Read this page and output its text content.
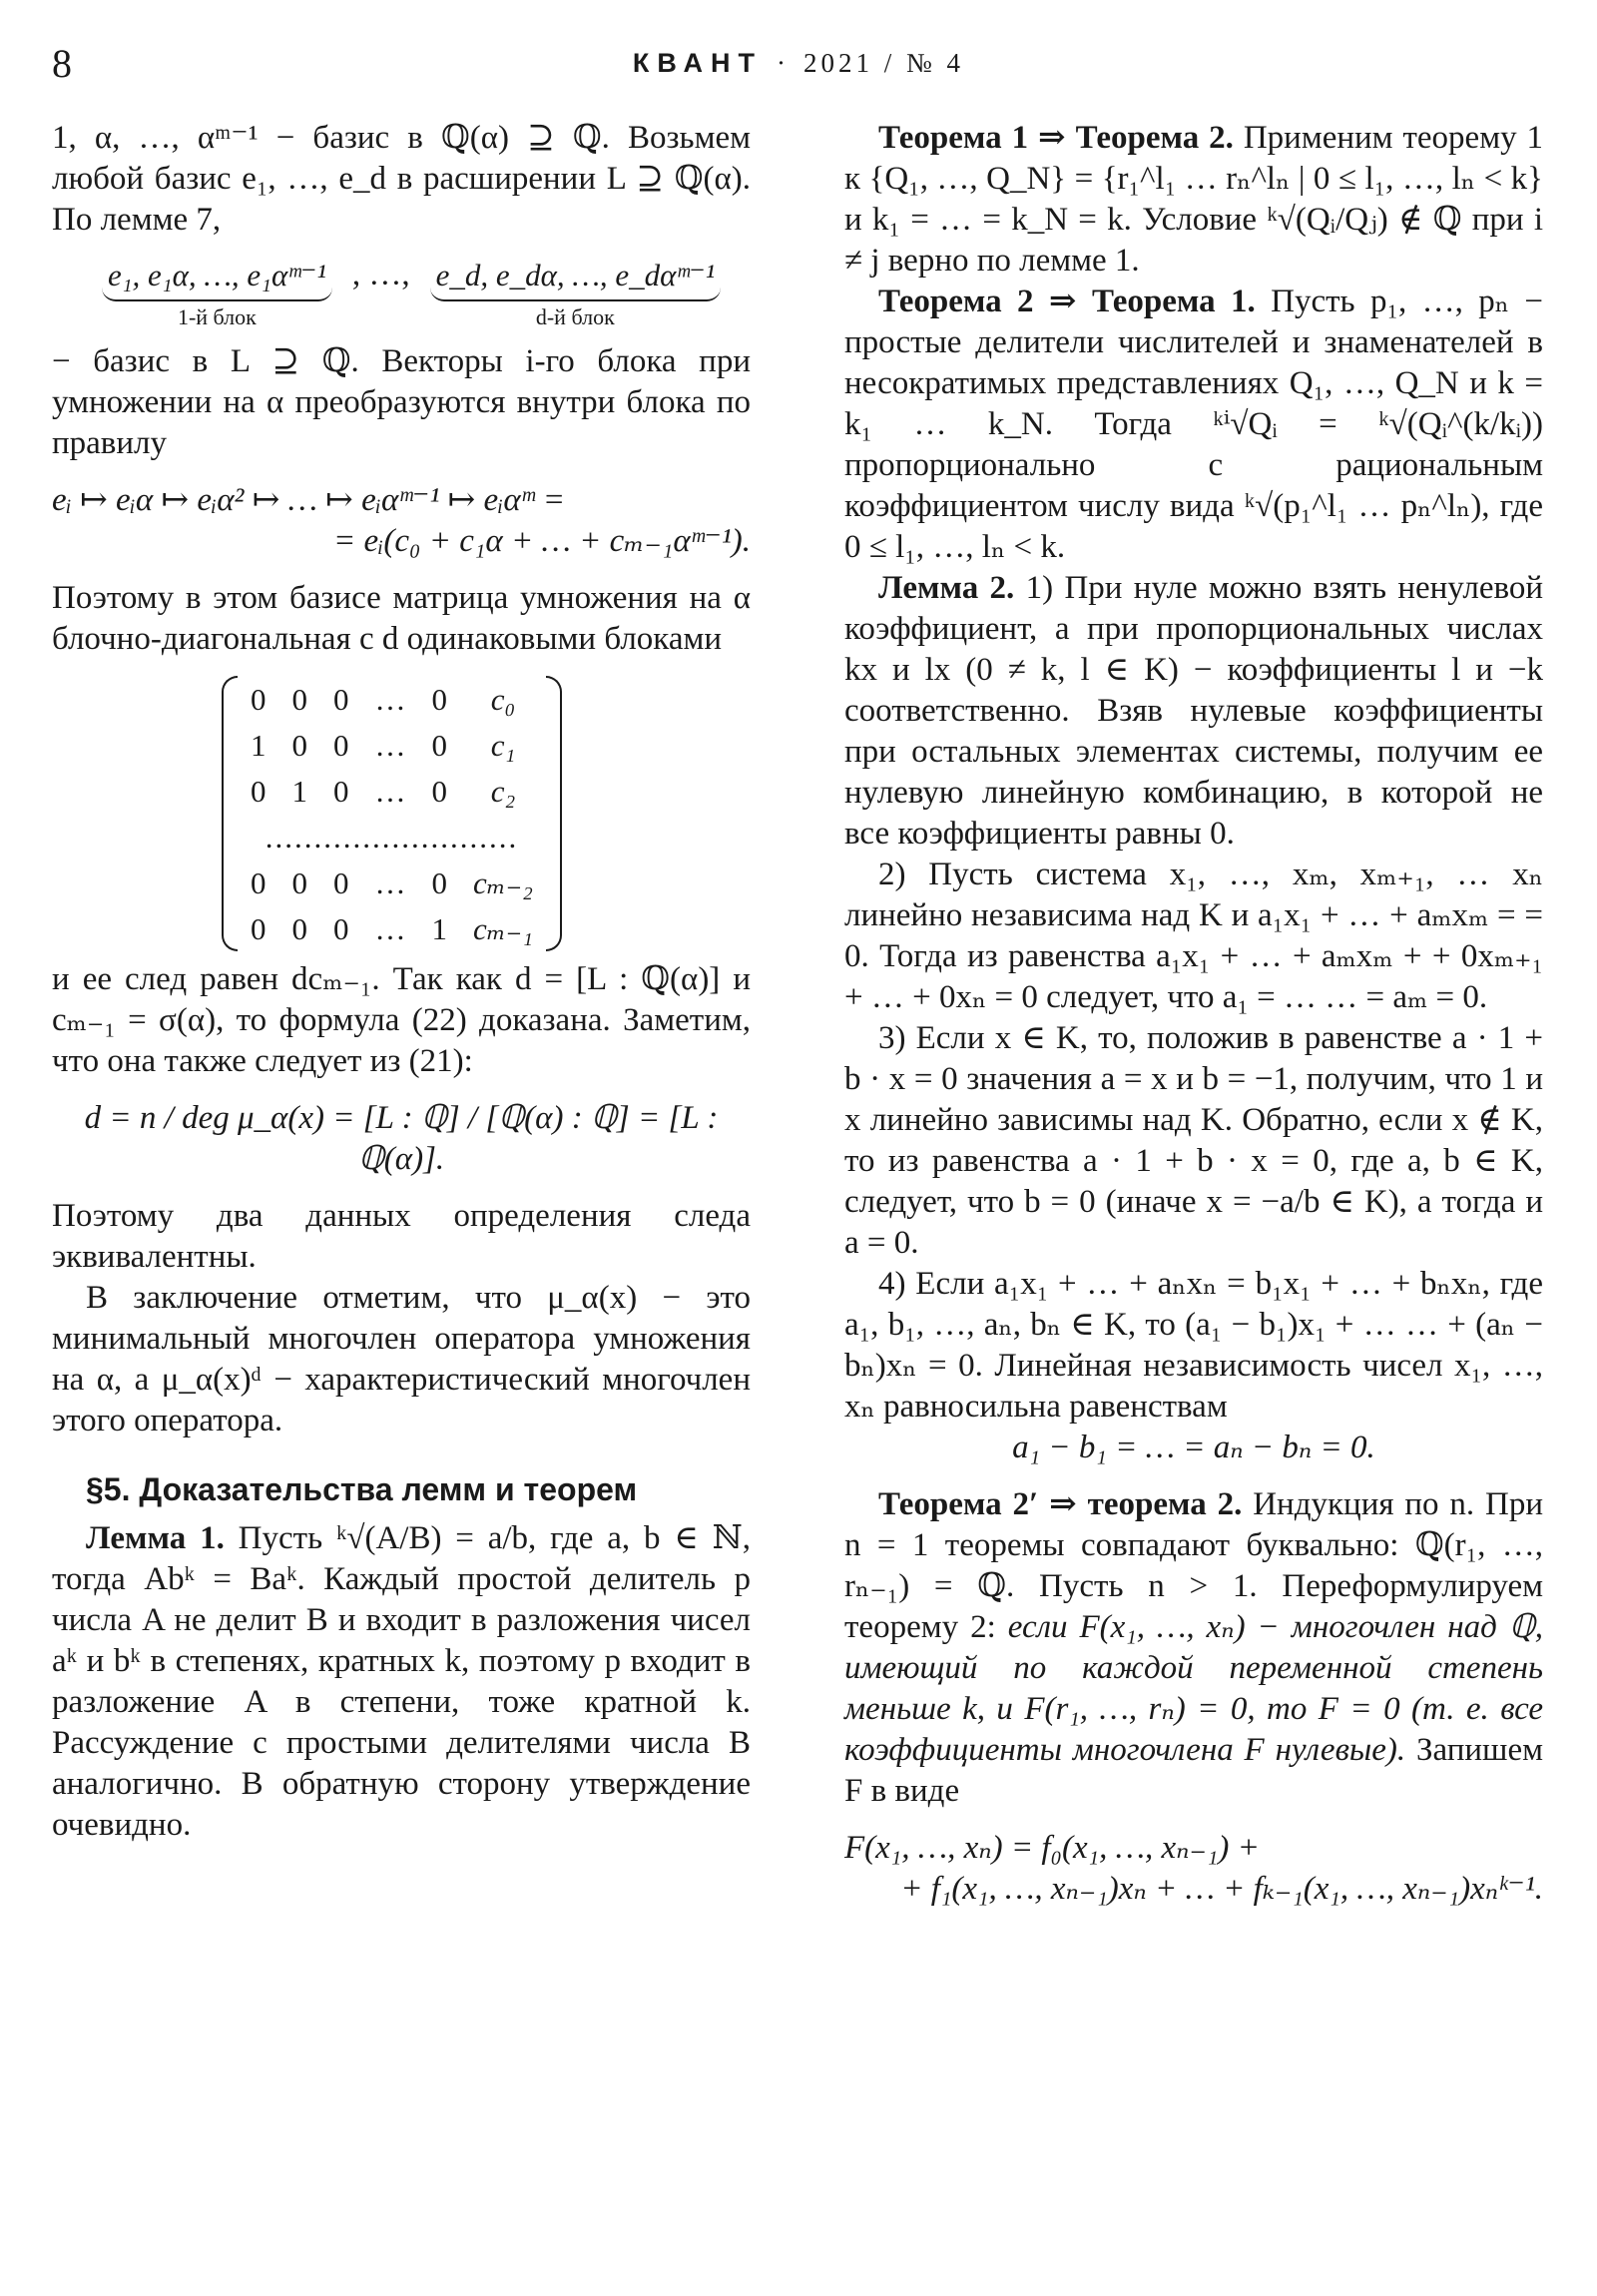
8	КВАНТ · 2021 / № 4

1, α, …, αᵐ⁻¹ − базис в ℚ(α) ⊇ ℚ. Возьмем любой базис e₁, …, e_d в расширении L ⊇ ℚ(α). По лемме 7,

e₁, e₁α, …, e₁αᵐ⁻¹
1-й блок
, …, e_d, e_dα, …, e_dαᵐ⁻¹
d-й блок

− базис в L ⊇ ℚ. Векторы i-го блока при умножении на α преобразуются внутри блока по правилу

eᵢ ↦ eᵢα ↦ eᵢα² ↦ … ↦ eᵢαᵐ⁻¹ ↦ eᵢαᵐ =
= eᵢ(c₀ + c₁α + … + cₘ₋₁αᵐ⁻¹).

Поэтому в этом базисе матрица умножения на α блочно-диагональная с d одинаковыми блоками

0	0	0	…	0	c₀
1	0	0	…	0	c₁
0	1	0	…	0	c₂
..........................					
0	0	0	…	0	cₘ₋₂
0	0	0	…	1	cₘ₋₁

и ее след равен dcₘ₋₁. Так как d = [L : ℚ(α)] и cₘ₋₁ = σ(α), то формула (22) доказана. Заметим, что она также следует из (21):

d = n / deg μ_α(x) = [L : ℚ] / [ℚ(α) : ℚ] = [L : ℚ(α)].

Поэтому два данных определения следа эквивалентны.

В заключение отметим, что μ_α(x) − это минимальный многочлен оператора умножения на α, а μ_α(x)ᵈ − характеристический многочлен этого оператора.

§5. Доказательства лемм и теорем

Лемма 1. Пусть ᵏ√(A/B) = a/b, где a, b ∈ ℕ, тогда Abᵏ = Baᵏ. Каждый простой делитель p числа A не делит B и входит в разложения чисел aᵏ и bᵏ в степенях, кратных k, поэтому p входит в разложение A в степени, тоже кратной k. Рассуждение с простыми делителями числа B аналогично. В обратную сторону утверждение очевидно.

Теорема 1 ⇒ Теорема 2. Применим теорему 1 к {Q₁, …, Q_N} = {r₁^l₁ … rₙ^lₙ | 0 ≤ l₁, …, lₙ < k} и k₁ = … = k_N = k. Условие ᵏ√(Qᵢ/Qⱼ) ∉ ℚ при i ≠ j верно по лемме 1.

Теорема 2 ⇒ Теорема 1. Пусть p₁, …, pₙ − простые делители числителей и знаменателей в несократимых представлениях Q₁, …, Q_N и k = k₁ … k_N. Тогда ᵏⁱ√Qᵢ = ᵏ√(Qᵢ^(k/kᵢ)) пропорционально с рациональным коэффициентом числу вида ᵏ√(p₁^l₁ … pₙ^lₙ), где 0 ≤ l₁, …, lₙ < k.

Лемма 2. 1) При нуле можно взять ненулевой коэффициент, а при пропорциональных числах kx и lx (0 ≠ k, l ∈ K) − коэффициенты l и −k соответственно. Взяв нулевые коэффициенты при остальных элементах системы, получим ее нулевую линейную комбинацию, в которой не все коэффициенты равны 0.

2) Пусть система x₁, …, xₘ, xₘ₊₁, … xₙ линейно независима над K и a₁x₁ + … + aₘxₘ = = 0. Тогда из равенства a₁x₁ + … + aₘxₘ + + 0xₘ₊₁ + … + 0xₙ = 0 следует, что a₁ = … … = aₘ = 0.

3) Если x ∈ K, то, положив в равенстве a · 1 + b · x = 0 значения a = x и b = −1, получим, что 1 и x линейно зависимы над K. Обратно, если x ∉ K, то из равенства a · 1 + b · x = 0, где a, b ∈ K, следует, что b = 0 (иначе x = −a/b ∈ K), а тогда и a = 0.

4) Если a₁x₁ + … + aₙxₙ = b₁x₁ + … + bₙxₙ, где a₁, b₁, …, aₙ, bₙ ∈ K, то (a₁ − b₁)x₁ + … … + (aₙ − bₙ)xₙ = 0. Линейная независимость чисел x₁, …, xₙ равносильна равенствам

a₁ − b₁ = … = aₙ − bₙ = 0.

Теорема 2′ ⇒ теорема 2. Индукция по n. При n = 1 теоремы совпадают буквально: ℚ(r₁, …, rₙ₋₁) = ℚ. Пусть n > 1. Переформулируем теорему 2: если F(x₁, …, xₙ) − многочлен над ℚ, имеющий по каждой переменной степень меньше k, и F(r₁, …, rₙ) = 0, то F = 0 (т. е. все коэффициенты многочлена F нулевые). Запишем F в виде

F(x₁, …, xₙ) = f₀(x₁, …, xₙ₋₁) +
+ f₁(x₁, …, xₙ₋₁)xₙ + … + fₖ₋₁(x₁, …, xₙ₋₁)xₙᵏ⁻¹.
